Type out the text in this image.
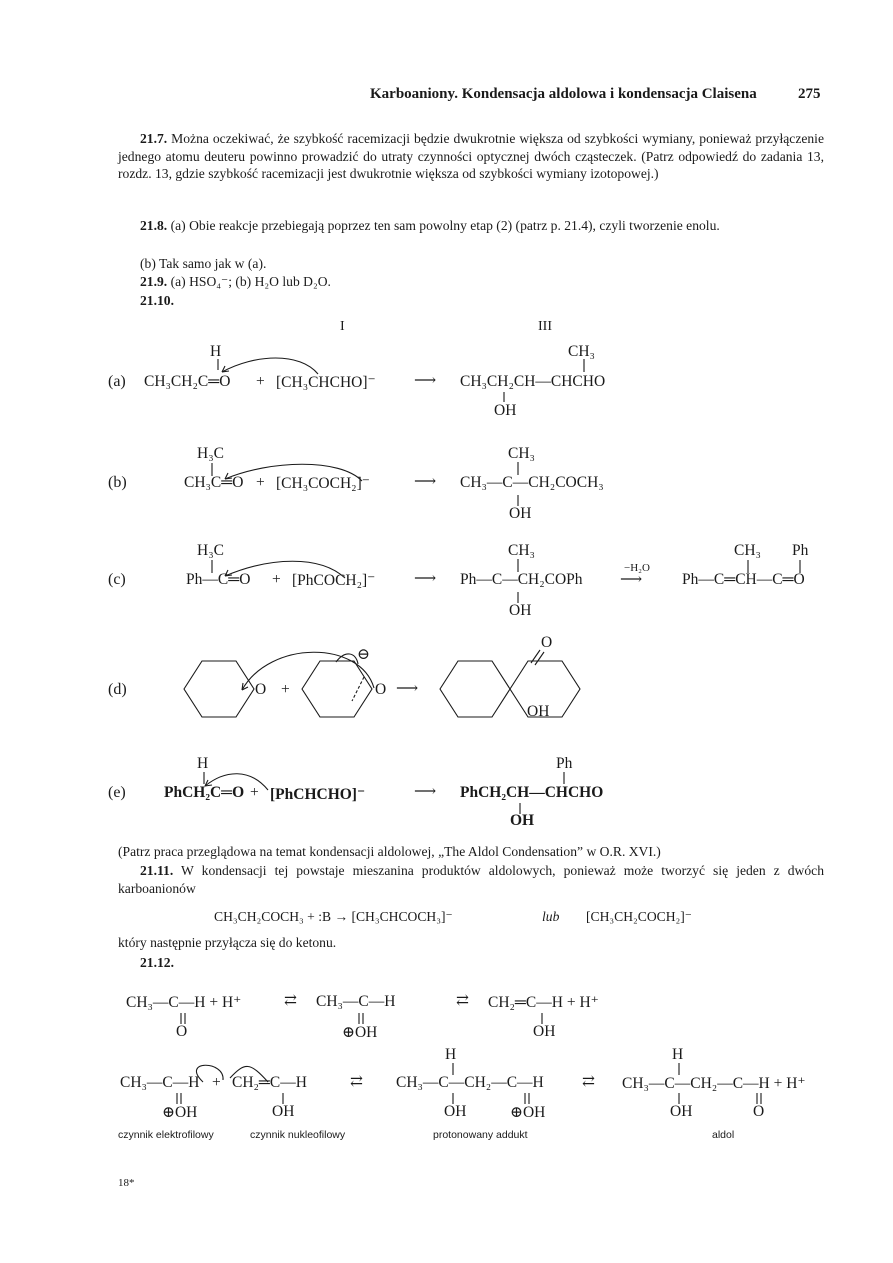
Karboaniony. Kondensacja aldolowa i kondensacja Claisena	275
21.7. Można oczekiwać, że szybkość racemizacji będzie dwukrotnie większa od szybkości wymiany, ponieważ przyłączenie jednego atomu deuteru powinno prowadzić do utraty czynności optycznej dwóch cząsteczek. (Patrz odpowiedź do zadania 13, rozdz. 13, gdzie szybkość racemizacji jest dwukrotnie większa od szybkości wymiany izotopowej.)
21.8. (a) Obie reakcje przebiegają poprzez ten sam powolny etap (2) (patrz p. 21.4), czyli tworzenie enolu.
(b) Tak samo jak w (a).
21.9. (a) HSO₄⁻; (b) H₂O lub D₂O.
21.10.
I	III
H	CH₃
(a) CH₃CH₂C═O + [CH₃CHCHO]⁻ ⟶ CH₃CH₂CH—CHCHO
OH
H₃C	CH₃
(b)	CH₃C═O + [CH₃COCH₂]⁻	⟶ CH₃—C—CH₂COCH₃
OH
H₃C	CH₃	CH₃ Ph
(c)	Ph—C═O + [PhCOCH₂]⁻ ⟶ Ph—C—CH₂COPh
−H₂O
⟶	Ph—C═CH—C═O
OH
(d)	O +	O
⊖
⟶
O
OH
H	Ph
(e) PhCH₂C═O + [PhCHCHO]⁻	⟶ PhCH₂CH—CHCHO
OH
(Patrz praca przeglądowa na temat kondensacji aldolowej, „The Aldol Condensation” w O.R. XVI.)
21.11. W kondensacji tej powstaje mieszanina produktów aldolowych, ponieważ może tworzyć się jeden z dwóch karboanionów
CH₃CH₂COCH₃ + :B → [CH₃CHCOCH₃]⁻	lub [CH₃CH₂COCH₂]⁻
który następnie przyłącza się do ketonu.
21.12.
CH₃—C—H + H⁺
O
⇄ CH₃—C—H
⊕OH
⇄ CH₂═C—H + H⁺
OH
H	H
CH₃—C—H + CH₂═C—H
⊕OH	OH
⇄ CH₃—C—CH₂—C—H
OH	⊕OH
⇄ CH₃—C—CH₂—C—H + H⁺
OH	O
czynnik elektrofilowy	czynnik nukleofilowy	protonowany addukt	aldol
18*
